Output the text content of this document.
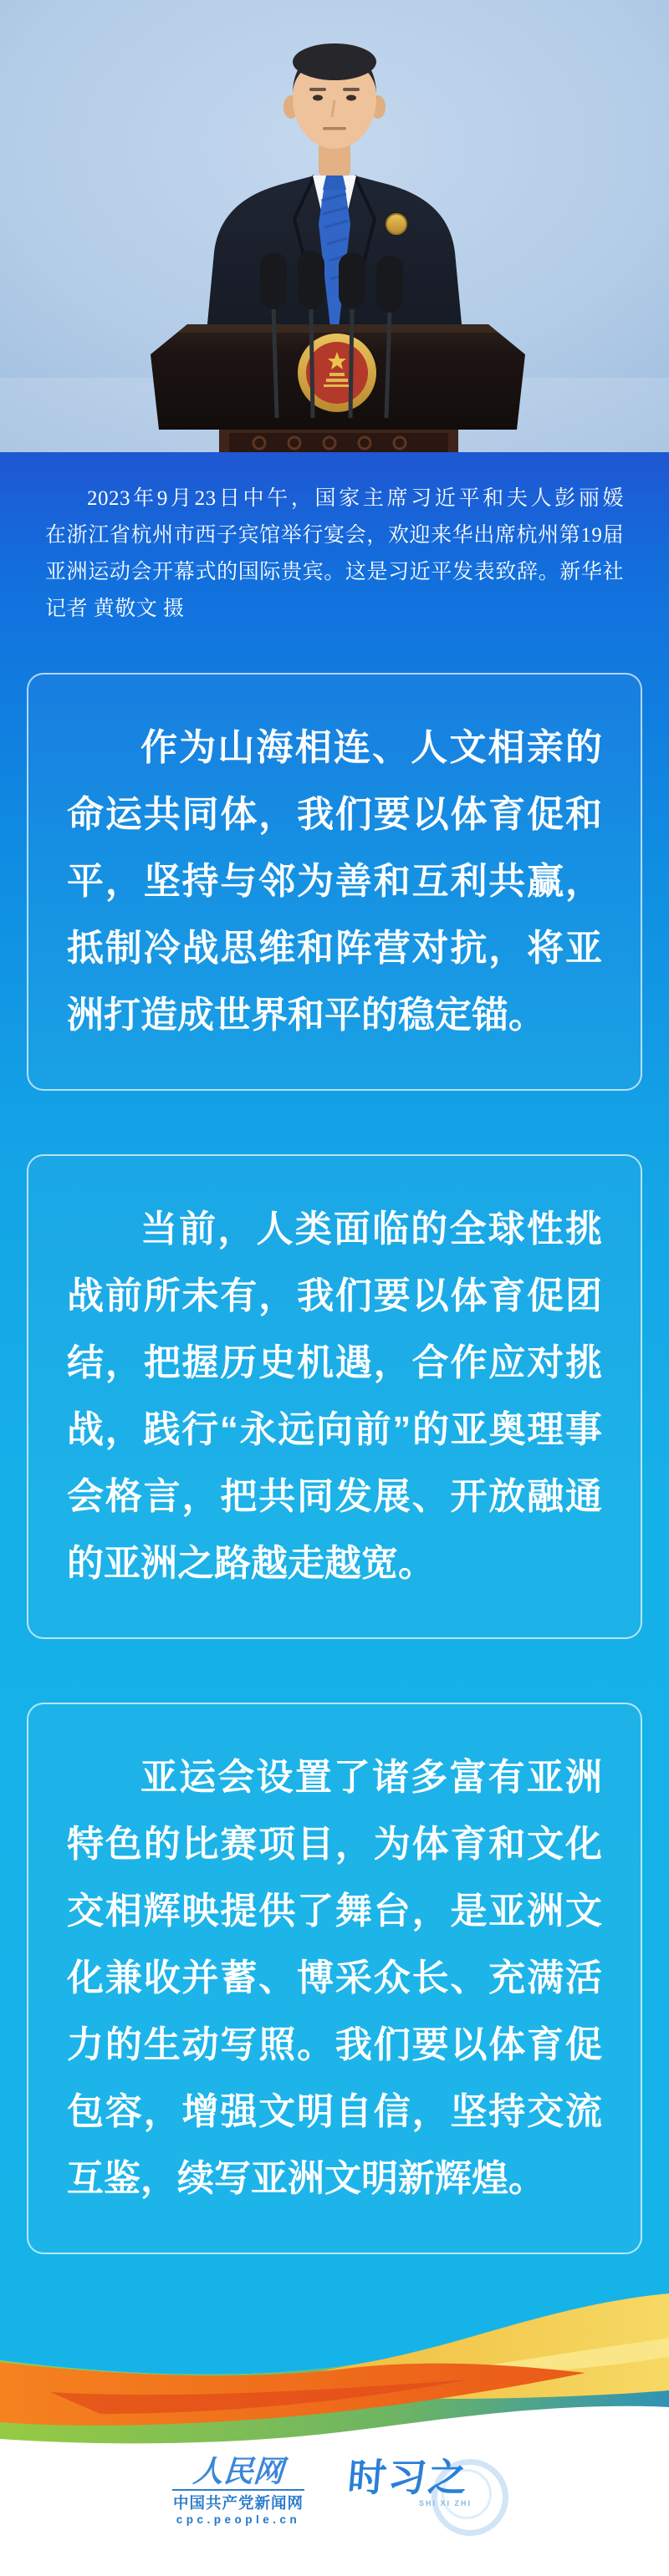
2023年9月23日中午，国家主席习近平和夫人彭丽媛
在浙江省杭州市西子宾馆举行宴会，欢迎来华出席杭州第19届
亚洲运动会开幕式的国际贵宾。这是习近平发表致辞。新华社
记者 黄敬文 摄

作为山海相连、人文相亲的命运共同体，我们要以体育促和平，坚持与邻为善和互利共赢，抵制冷战思维和阵营对抗，将亚洲打造成世界和平的稳定锚。

当前，人类面临的全球性挑战前所未有，我们要以体育促团结，把握历史机遇，合作应对挑战，践行“永远向前”的亚奥理事会格言，把共同发展、开放融通的亚洲之路越走越宽。

亚运会设置了诸多富有亚洲特色的比赛项目，为体育和文化交相辉映提供了舞台，是亚洲文化兼收并蓄、博采众长、充满活力的生动写照。我们要以体育促包容，增强文明自信，坚持交流互鉴，续写亚洲文明新辉煌。

人民网
中国共产党新闻网
cpc.people.cn
时习之
SHI XI ZHI
